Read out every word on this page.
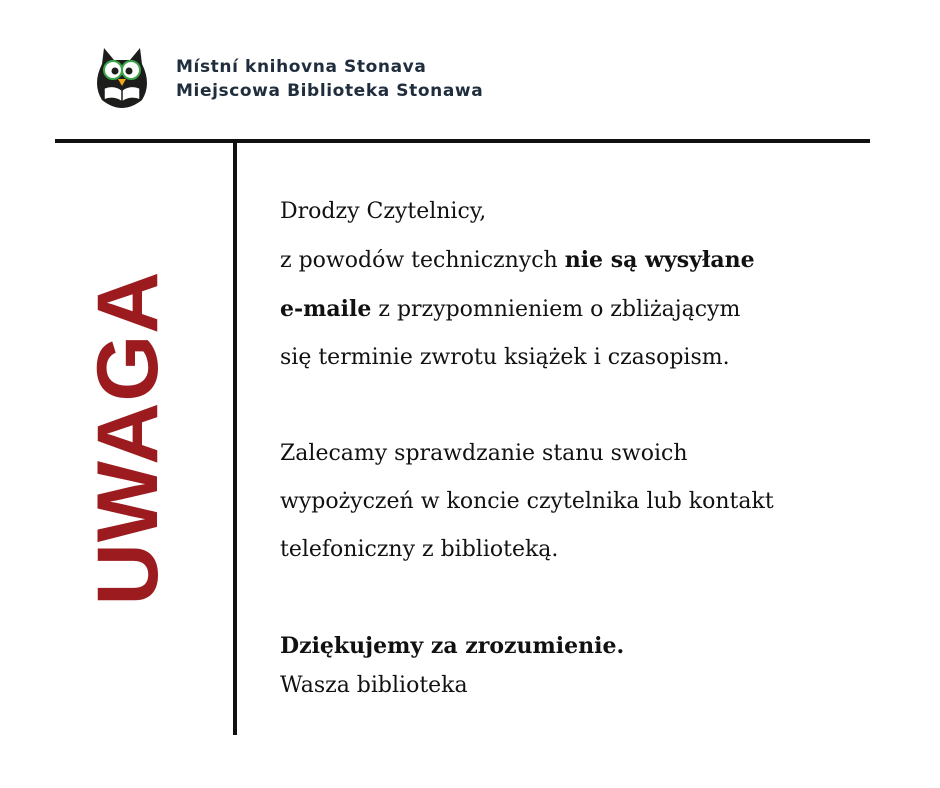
Místní knihovna Stonava
Miejscowa Biblioteka Stonawa
UWAGA

Drodzy Czytelnicy,

z powodów technicznych nie są wysyłane

e-maile z przypomnieniem o zbliżającym

się terminie zwrotu książek i czasopism.

Zalecamy sprawdzanie stanu swoich

wypożyczeń w koncie czytelnika lub kontakt

telefoniczny z biblioteką.

Dziękujemy za zrozumienie.

Wasza biblioteka
